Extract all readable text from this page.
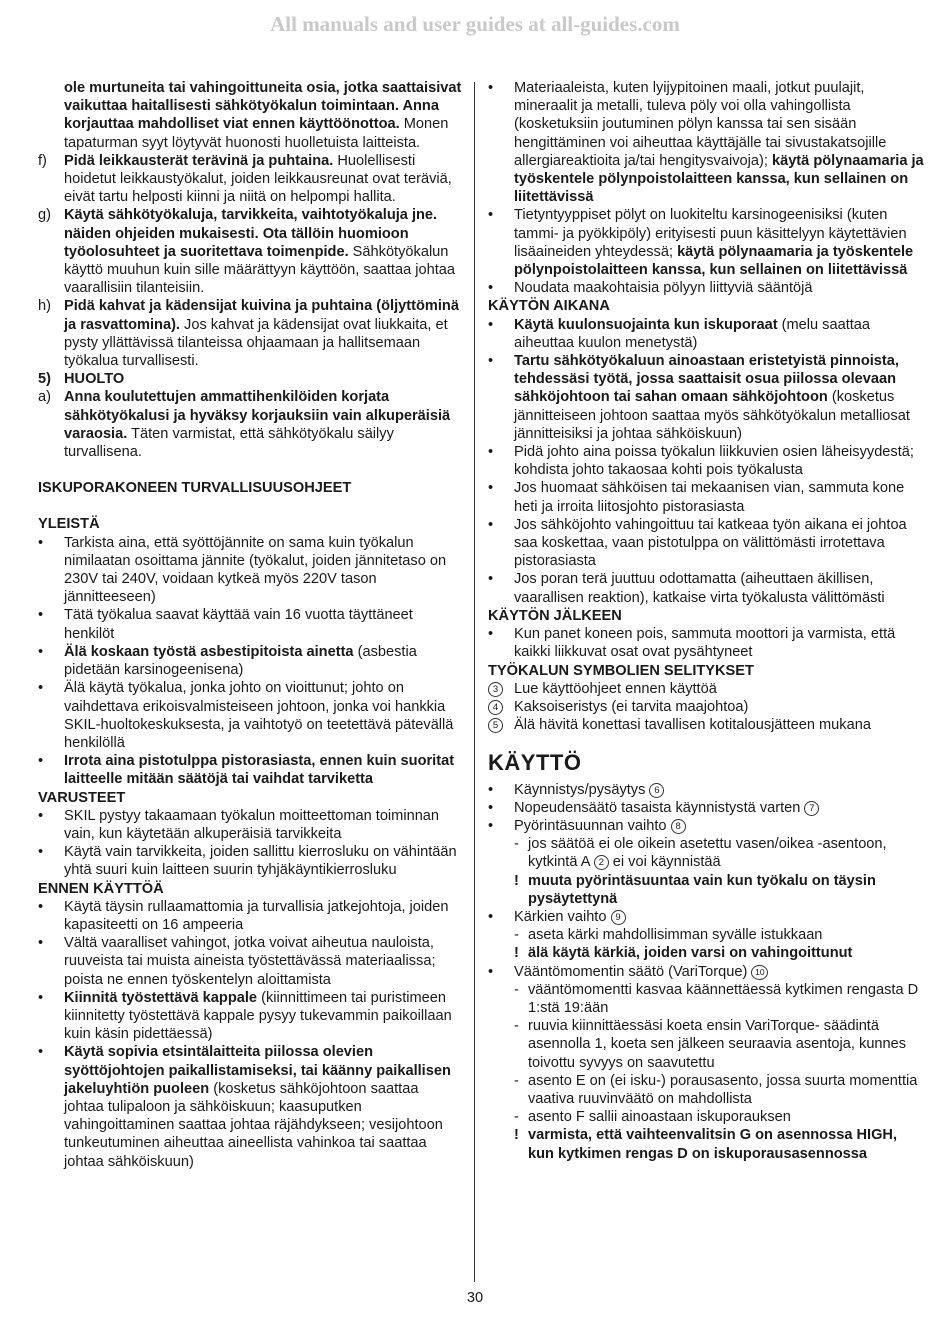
All manuals and user guides at all-guides.com

ole murtuneita tai vahingoittuneita osia, jotka saattaisivat vaikuttaa haitallisesti sähkötyökalun toimintaan. Anna korjauttaa mahdolliset viat ennen käyttöönottoa. Monen tapaturman syyt löytyvät huonosti huolletuista laitteista.

f) Pidä leikkausterät terävinä ja puhtaina. Huolellisesti hoidetut leikkaustyökalut, joiden leikkausreunat ovat teräviä, eivät tartu helposti kiinni ja niitä on helpompi hallita.

g) Käytä sähkötyökaluja, tarvikkeita, vaihtotyökaluja jne. näiden ohjeiden mukaisesti. Ota tällöin huomioon työolosuhteet ja suoritettava toimenpide. Sähkötyökalun käyttö muuhun kuin sille määrättyyn käyttöön, saattaa johtaa vaarallisiin tilanteisiin.

h) Pidä kahvat ja kädensijat kuivina ja puhtaina (öljyttöminä ja rasvattomina). Jos kahvat ja kädensijat ovat liukkaita, et pysty yllättävissä tilanteissa ohjaamaan ja hallitsemaan työkalua turvallisesti.

5) HUOLTO

a) Anna koulutettujen ammattihenkilöiden korjata sähkötyökalusi ja hyväksy korjauksiin vain alkuperäisiä varaosia. Täten varmistat, että sähkötyökalu säilyy turvallisena.

ISKUPORAKONEEN TURVALLISUUSOHJEET

YLEISTÄ

• Tarkista aina, että syöttöjännite on sama kuin työkalun nimilaatan osoittama jännite (työkalut, joiden jännitetaso on 230V tai 240V, voidaan kytkeä myös 220V tason jännitteeseen)

• Tätä työkalua saavat käyttää vain 16 vuotta täyttäneet henkilöt

• Älä koskaan työstä asbestipitoista ainetta (asbestia pidetään karsinogeenisena)

• Älä käytä työkalua, jonka johto on vioittunut; johto on vaihdettava erikoisvalmisteiseen johtoon, jonka voi hankkia SKIL-huoltokeskuksesta, ja vaihtotyö on teetettävä pätevällä henkilöllä

• Irrota aina pistotulppa pistorasiasta, ennen kuin suoritat laitteelle mitään säätöjä tai vaihdat tarviketta

VARUSTEET

• SKIL pystyy takaamaan työkalun moitteettoman toiminnan vain, kun käytetään alkuperäisiä tarvikkeita

• Käytä vain tarvikkeita, joiden sallittu kierrosluku on vähintään yhtä suuri kuin laitteen suurin tyhjäkäyntikierrosluku

ENNEN KÄYTTÖÄ

• Käytä täysin rullaamattomia ja turvallisia jatkejohtoja, joiden kapasiteetti on 16 ampeeria

• Vältä vaaralliset vahingot, jotka voivat aiheutua nauloista, ruuveista tai muista aineista työstettävässä materiaalissa; poista ne ennen työskentelyn aloittamista

• Kiinnitä työstettävä kappale (kiinnittimeen tai puristimeen kiinnitetty työstettävä kappale pysyy tukevammin paikoillaan kuin käsin pidettäessä)

• Käytä sopivia etsintälaitteita piilossa olevien syöttöjohtojen paikallistamiseksi, tai käänny paikallisen jakeluyhtiön puoleen (kosketus sähköjohtoon saattaa johtaa tulipaloon ja sähköiskuun; kaasuputken vahingoittaminen saattaa johtaa räjähdykseen; vesijohtoon tunkeutuminen aiheuttaa aineellista vahinkoa tai saattaa johtaa sähköiskuun)

• Materiaaleista, kuten lyijypitoinen maali, jotkut puulajit, mineraalit ja metalli, tuleva pöly voi olla vahingollista (kosketuksiin joutuminen pölyn kanssa tai sen sisään hengittäminen voi aiheuttaa käyttäjälle tai sivustakatsojille allergiareaktioita ja/tai hengitysvaivoja); käytä pölynaamaria ja työskentele pölynpoistolaitteen kanssa, kun sellainen on liitettävissä

• Tietyntyyppiset pölyt on luokiteltu karsinogeenisiksi (kuten tammi- ja pyökkipöly) erityisesti puun käsittelyyn käytettävien lisäaineiden yhteydessä; käytä pölynaamaria ja työskentele pölynpoistolaitteen kanssa, kun sellainen on liitettävissä

• Noudata maakohtaisia pölyyn liittyviä sääntöjä

KÄYTÖN AIKANA

• Käytä kuulonsuojainta kun iskuporaat (melu saattaa aiheuttaa kuulon menetystä)

• Tartu sähkötyökaluun ainoastaan eristetyistä pinnoista, tehdessäsi työtä, jossa saattaisit osua piilossa olevaan sähköjohtoon tai sahan omaan sähköjohtoon (kosketus jännitteiseen johtoon saattaa myös sähkötyökalun metalliosat jännitteisiksi ja johtaa sähköiskuun)

• Pidä johto aina poissa työkalun liikkuvien osien läheisyydestä; kohdista johto takaosaa kohti pois työkalusta

• Jos huomaat sähköisen tai mekaanisen vian, sammuta kone heti ja irroita liitosjohto pistorasiasta

• Jos sähköjohto vahingoittuu tai katkeaa työn aikana ei johtoa saa koskettaa, vaan pistotulppa on välittömästi irrotettava pistorasiasta

• Jos poran terä juuttuu odottamatta (aiheuttaen äkillisen, vaarallisen reaktion), katkaise virta työkalusta välittömästi

KÄYTÖN JÄLKEEN

• Kun panet koneen pois, sammuta moottori ja varmista, että kaikki liikkuvat osat ovat pysähtyneet

TYÖKALUN SYMBOLIEN SELITYKSET

3	Lue käyttöohjeet ennen käyttöä

4	Kaksoiseristys (ei tarvita maajohtoa)

5	Älä hävitä konettasi tavallisen kotitalousjätteen mukana

KÄYTTÖ

• Käynnistys/pysäytys 6

• Nopeudensäätö tasaista käynnistystä varten 7

• Pyörintäsuunnan vaihto 8

- jos säätöä ei ole oikein asetettu vasen/oikea -asentoon, kytkintä A 2 ei voi käynnistää

! muuta pyörintäsuuntaa vain kun työkalu on täysin pysäytettynä

• Kärkien vaihto 9

- aseta kärki mahdollisimman syvälle istukkaan

! älä käytä kärkiä, joiden varsi on vahingoittunut

• Vääntömomentin säätö (VariTorque) 10

- vääntömomentti kasvaa käännettäessä kytkimen rengasta D 1:stä 19:ään

- ruuvia kiinnittäessäsi koeta ensin VariTorque- säädintä asennolla 1, koeta sen jälkeen seuraavia asentoja, kunnes toivottu syvyys on saavutettu

- asento E on (ei isku-) porausasento, jossa suurta momenttia vaativa ruuvinväätö on mahdollista

- asento F sallii ainoastaan iskuporauksen

! varmista, että vaihteenvalitsin G on asennossa HIGH, kun kytkimen rengas D on iskuporausasennossa

30
